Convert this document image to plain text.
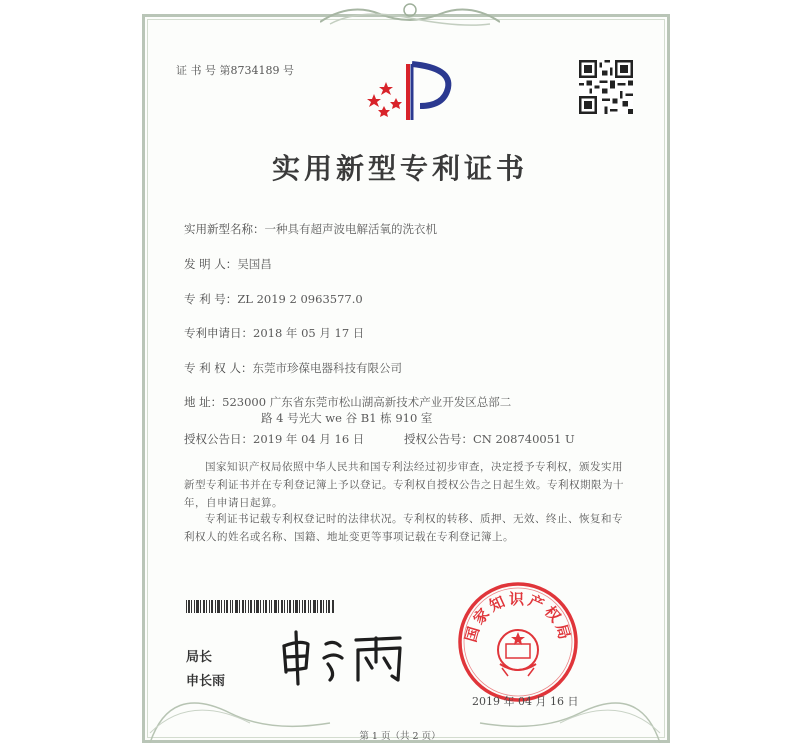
证 书 号 第8734189 号
实用新型专利证书
实用新型名称：一种具有超声波电解活氧的洗衣机
发 明 人：吴国昌
专 利 号：ZL 2019 2 0963577.0
专利申请日：2018 年 05 月 17 日
专 利 权 人：东莞市珍葆电器科技有限公司
地 址：523000 广东省东莞市松山湖高新技术产业开发区总部二
路 4 号光大 we 谷 B1 栋 910 室
授权公告日：2019 年 04 月 16 日	授权公告号：CN 208740051 U
国家知识产权局依照中华人民共和国专利法经过初步审查，决定授予专利权，颁发实用新型专利证书并在专利登记簿上予以登记。专利权自授权公告之日起生效。专利权期限为十年，自申请日起算。
专利证书记载专利权登记时的法律状况。专利权的转移、质押、无效、终止、恢复和专利权人的姓名或名称、国籍、地址变更等事项记载在专利登记簿上。
局长
申长雨
国家知识产权局
2019 年 04 月 16 日
第 1 页（共 2 页）
